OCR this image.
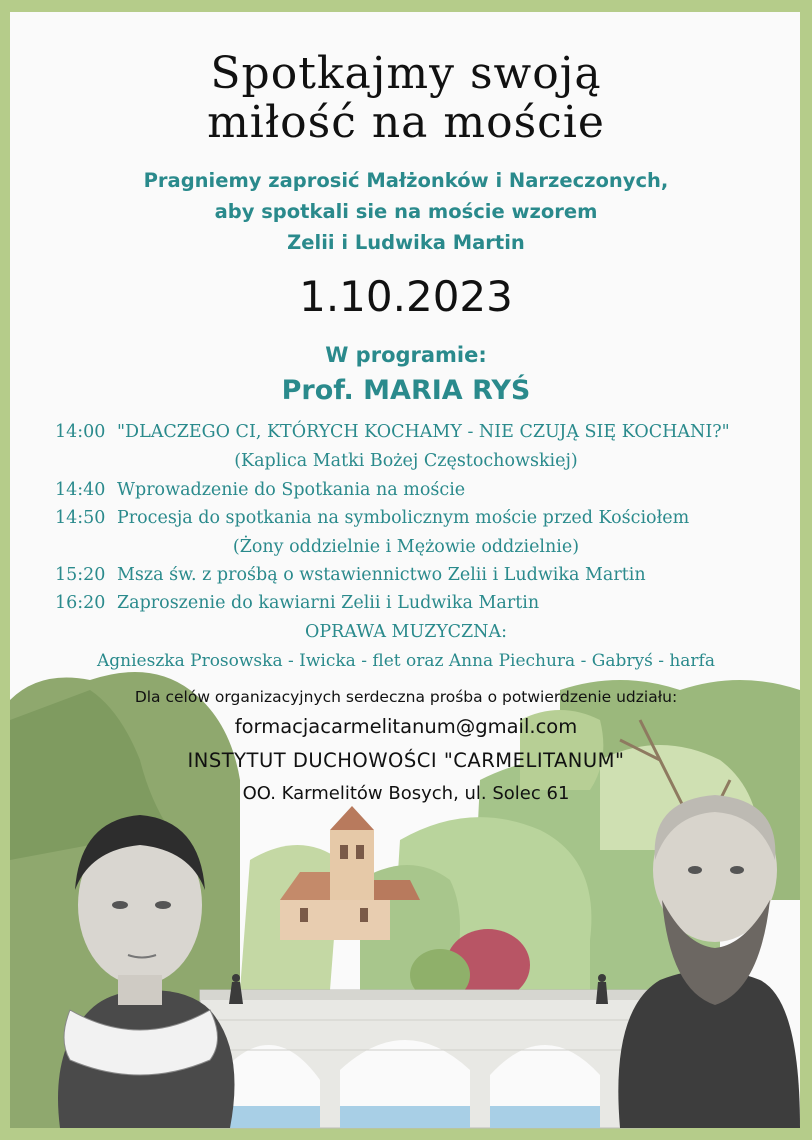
Spotkajmy swoją
miłość na moście
Pragniemy zaprosić Małżonków i Narzeczonych,
aby spotkali sie na moście wzorem
Zelii i Ludwika Martin
1.10.2023
W programie:
Prof. MARIA RYŚ
14:00 "DLACZEGO CI, KTÓRYCH KOCHAMY - NIE CZUJĄ SIĘ KOCHANI?"
(Kaplica Matki Bożej Częstochowskiej)
14:40 Wprowadzenie do Spotkania na moście
14:50 Procesja do spotkania na symbolicznym moście przed Kościołem
(Żony oddzielnie i Mężowie oddzielnie)
15:20 Msza św. z prośbą o wstawiennictwo Zelii i Ludwika Martin
16:20 Zaproszenie do kawiarni Zelii i Ludwika Martin
OPRAWA MUZYCZNA:
Agnieszka Prosowska - Iwicka - flet oraz Anna Piechura - Gabryś - harfa
Dla celów organizacyjnych serdeczna prośba o potwierdzenie udziału:
formacjacarmelitanum@gmail.com
INSTYTUT DUCHOWOŚCI "CARMELITANUM"
OO. Karmelitów Bosych, ul. Solec 61
